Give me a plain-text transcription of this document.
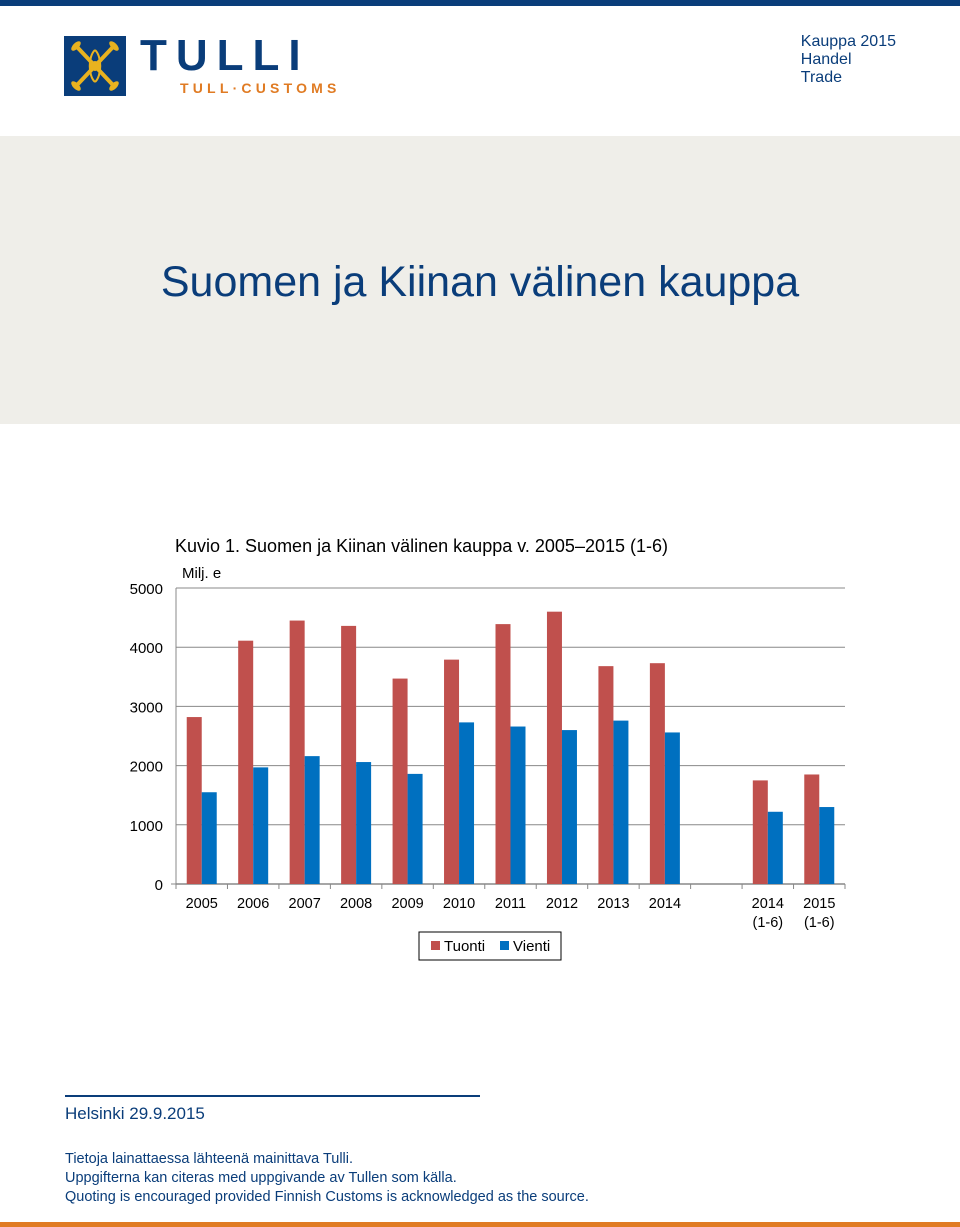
TULLI
TULL·CUSTOMS
Kauppa 2015
Handel
Trade
Suomen ja Kiinan välinen kauppa
Kuvio 1. Suomen ja Kiinan välinen kauppa v. 2005–2015 (1-6)
0
1000
2000
3000
4000
5000
Milj. e
2005 2006 2007 2008 2009 2010 2011 2012 2013 2014	2014
(1-6)
2015
(1-6)
Tuonti Vienti
Helsinki 29.9.2015
Tietoja lainattaessa lähteenä mainittava Tulli.
Uppgifterna kan citeras med uppgivande av Tullen som källa.
Quoting is encouraged provided Finnish Customs is acknowledged as the source.
